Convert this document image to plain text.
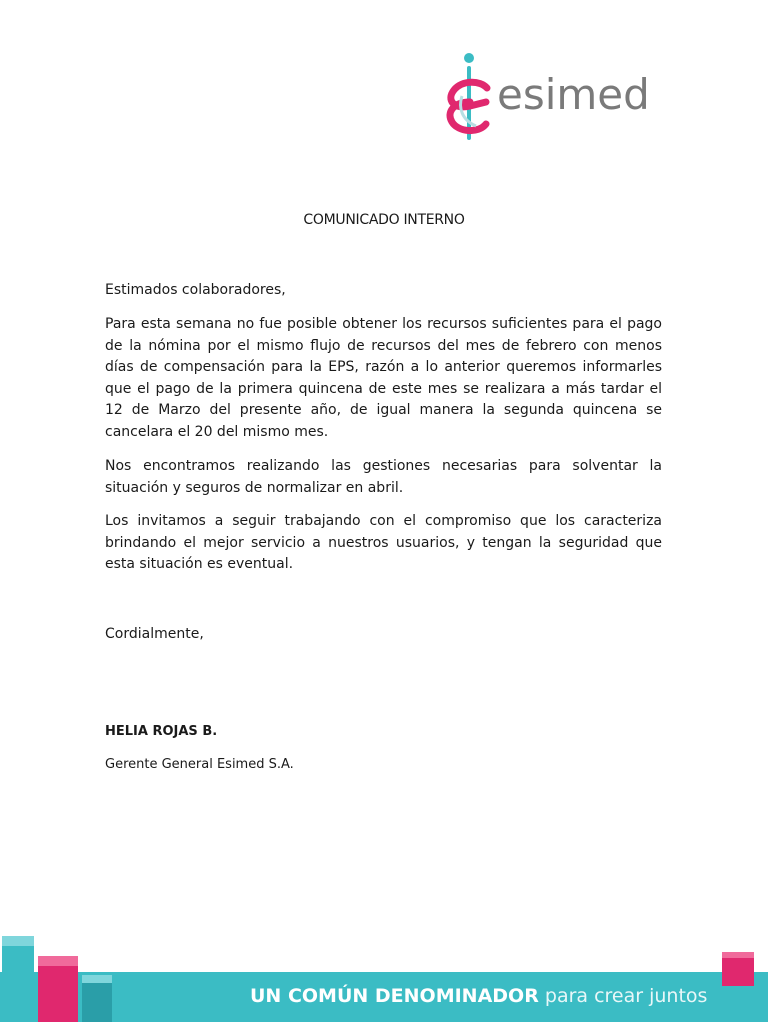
esimed
COMUNICADO INTERNO
Estimados colaboradores,

Para esta semana no fue posible obtener los recursos suficientes para el pago de la nómina por el mismo flujo de recursos del mes de febrero con menos días de compensación para la EPS, razón a lo anterior queremos informarles que el pago de la primera quincena de este mes se realizara a más tardar el 12 de Marzo del presente año, de igual manera la segunda quincena se cancelara el 20 del mismo mes.

Nos encontramos realizando las gestiones necesarias para solventar la situación y seguros de normalizar en abril.

Los invitamos a seguir trabajando con el compromiso que los caracteriza brindando el mejor servicio a nuestros usuarios, y tengan la seguridad que esta situación es eventual.

Cordialmente,
HELIA ROJAS B.
Gerente General Esimed S.A.
UN COMÚN DENOMINADOR para crear juntos
